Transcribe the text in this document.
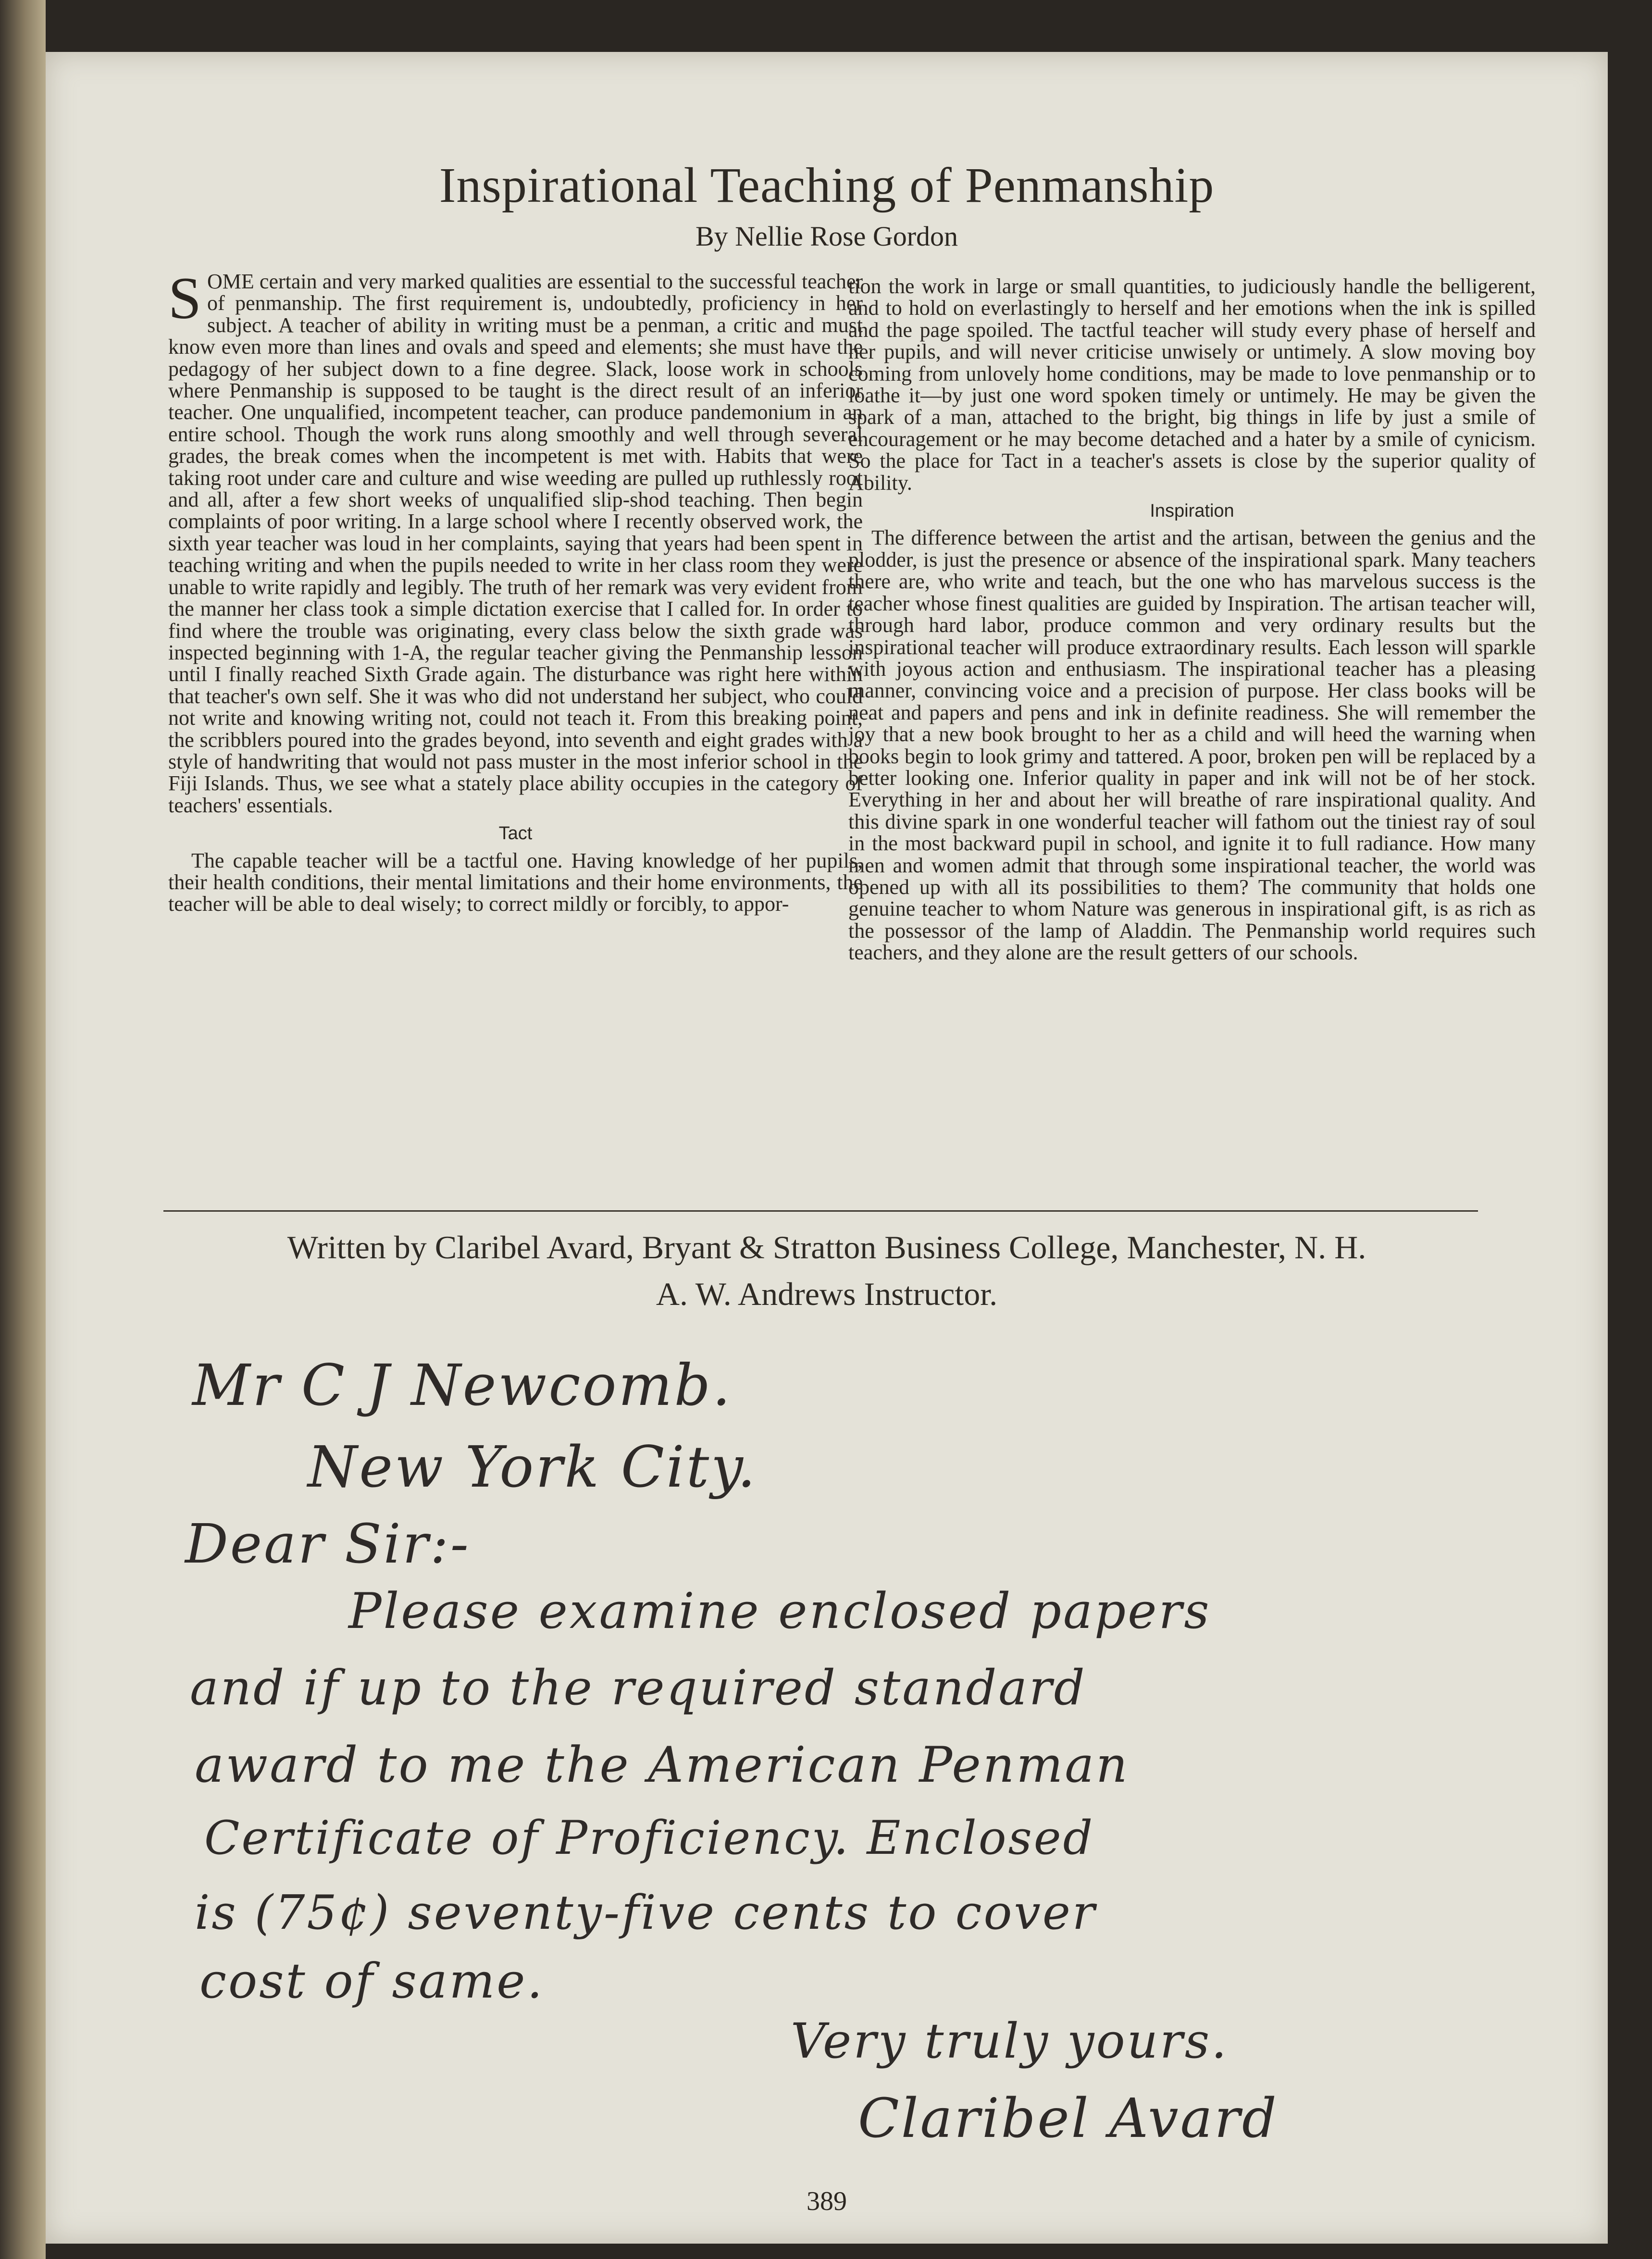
Inspirational Teaching of Penmanship
By Nellie Rose Gordon

SOME certain and very marked qualities are essential to the successful teacher of penmanship. The first requirement is, undoubtedly, proficiency in her subject. A teacher of ability in writing must be a penman, a critic and must know even more than lines and ovals and speed and elements; she must have the pedagogy of her subject down to a fine degree. Slack, loose work in schools where Penmanship is supposed to be taught is the direct result of an inferior teacher. One unqualified, incompetent teacher, can produce pandemonium in an entire school. Though the work runs along smoothly and well through several grades, the break comes when the incompetent is met with. Habits that were taking root under care and culture and wise weeding are pulled up ruthlessly root and all, after a few short weeks of unqualified slip-shod teaching. Then begin complaints of poor writing. In a large school where I recently observed work, the sixth year teacher was loud in her complaints, saying that years had been spent in teaching writing and when the pupils needed to write in her class room they were unable to write rapidly and legibly. The truth of her remark was very evident from the manner her class took a simple dictation exercise that I called for. In order to find where the trouble was originating, every class below the sixth grade was inspected beginning with 1-A, the regular teacher giving the Penmanship lesson until I finally reached Sixth Grade again. The disturbance was right here within that teacher's own self. She it was who did not understand her subject, who could not write and knowing writing not, could not teach it. From this breaking point, the scribblers poured into the grades beyond, into seventh and eight grades with a style of handwriting that would not pass muster in the most inferior school in the Fiji Islands. Thus, we see what a stately place ability occupies in the category of teachers' essentials.

Tact

The capable teacher will be a tactful one. Having knowledge of her pupils, their health conditions, their mental limitations and their home environments, the teacher will be able to deal wisely; to correct mildly or forcibly, to appor-

tion the work in large or small quantities, to judiciously handle the belligerent, and to hold on everlastingly to herself and her emotions when the ink is spilled and the page spoiled. The tactful teacher will study every phase of herself and her pupils, and will never criticise unwisely or untimely. A slow moving boy coming from unlovely home conditions, may be made to love penmanship or to loathe it—by just one word spoken timely or untimely. He may be given the spark of a man, attached to the bright, big things in life by just a smile of encouragement or he may become detached and a hater by a smile of cynicism. So the place for Tact in a teacher's assets is close by the superior quality of Ability.

Inspiration

The difference between the artist and the artisan, between the genius and the plodder, is just the presence or absence of the inspirational spark. Many teachers there are, who write and teach, but the one who has marvelous success is the teacher whose finest qualities are guided by Inspiration. The artisan teacher will, through hard labor, produce common and very ordinary results but the inspirational teacher will produce extraordinary results. Each lesson will sparkle with joyous action and enthusiasm. The inspirational teacher has a pleasing manner, convincing voice and a precision of purpose. Her class books will be neat and papers and pens and ink in definite readiness. She will remember the joy that a new book brought to her as a child and will heed the warning when books begin to look grimy and tattered. A poor, broken pen will be replaced by a better looking one. Inferior quality in paper and ink will not be of her stock. Everything in her and about her will breathe of rare inspirational quality. And this divine spark in one wonderful teacher will fathom out the tiniest ray of soul in the most backward pupil in school, and ignite it to full radiance. How many men and women admit that through some inspirational teacher, the world was opened up with all its possibilities to them? The community that holds one genuine teacher to whom Nature was generous in inspirational gift, is as rich as the possessor of the lamp of Aladdin. The Penmanship world requires such teachers, and they alone are the result getters of our schools.

Written by Claribel Avard, Bryant & Stratton Business College, Manchester, N. H.
A. W. Andrews Instructor.
Mr C J Newcomb.
New York City.
Dear Sir:-
Please examine enclosed papers
and if up to the required standard
award to me the American Penman
Certificate of Proficiency. Enclosed
is (75¢) seventy-five cents to cover
cost of same.
Very truly yours.
Claribel Avard
389
